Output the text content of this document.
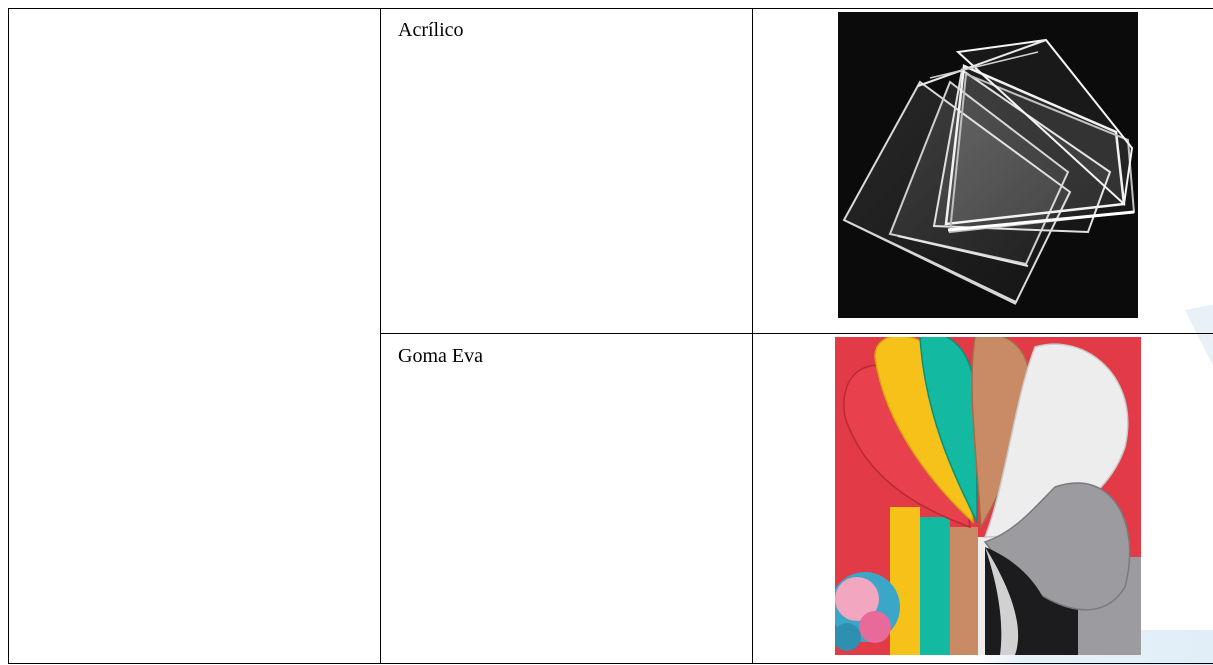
Acrílico
Goma Eva
